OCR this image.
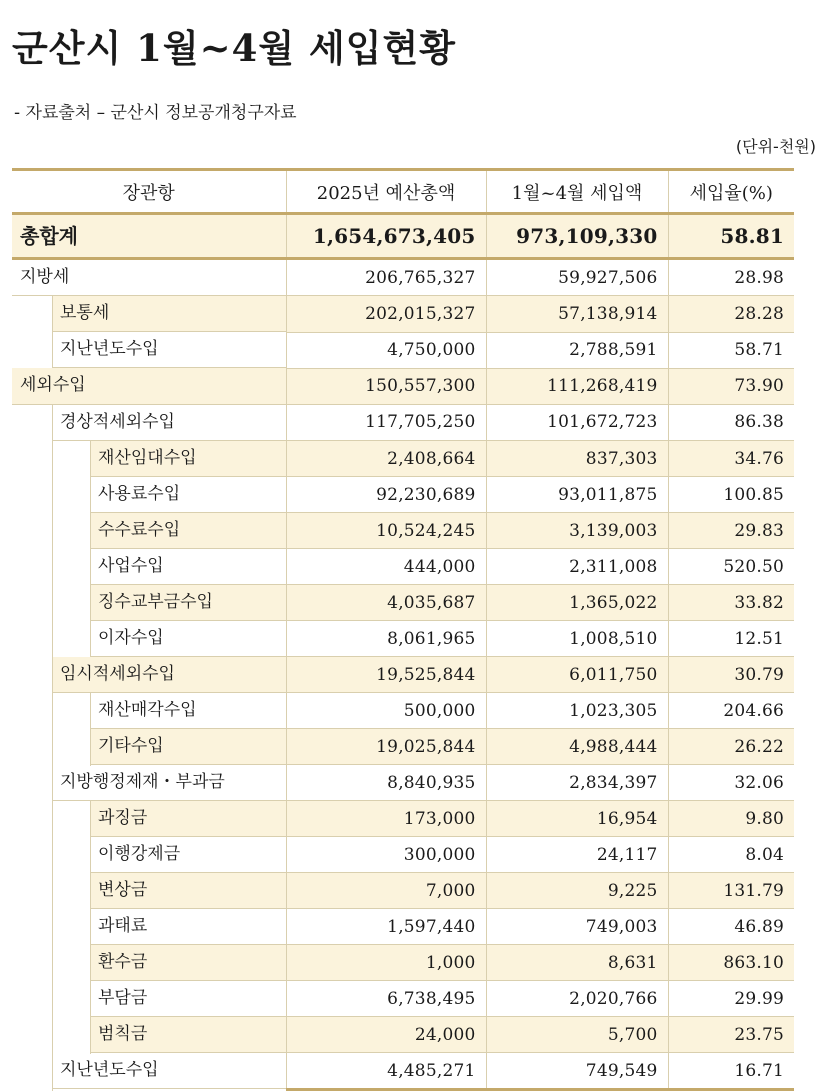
군산시 1월~4월 세입현황
- 자료출처 – 군산시 정보공개청구자료
(단위-천원)
장관항	2025년 예산총액	1월~4월 세입액	세입율(%)

총합계	1,654,673,405	973,109,330	58.81

지방세	206,765,327	59,927,506	28.98

보통세	202,015,327	57,138,914	28.28

지난년도수입	4,750,000	2,788,591	58.71

세외수입	150,557,300	111,268,419	73.90

경상적세외수입	117,705,250	101,672,723	86.38

재산임대수입	2,408,664	837,303	34.76

사용료수입	92,230,689	93,011,875	100.85

수수료수입	10,524,245	3,139,003	29.83

사업수입	444,000	2,311,008	520.50

징수교부금수입	4,035,687	1,365,022	33.82

이자수입	8,061,965	1,008,510	12.51

임시적세외수입	19,525,844	6,011,750	30.79

재산매각수입	500,000	1,023,305	204.66

기타수입	19,025,844	4,988,444	26.22

지방행정제재・부과금	8,840,935	2,834,397	32.06

과징금	173,000	16,954	9.80

이행강제금	300,000	24,117	8.04

변상금	7,000	9,225	131.79

과태료	1,597,440	749,003	46.89

환수금	1,000	8,631	863.10

부담금	6,738,495	2,020,766	29.99

범칙금	24,000	5,700	23.75

지난년도수입	4,485,271	749,549	16.71
